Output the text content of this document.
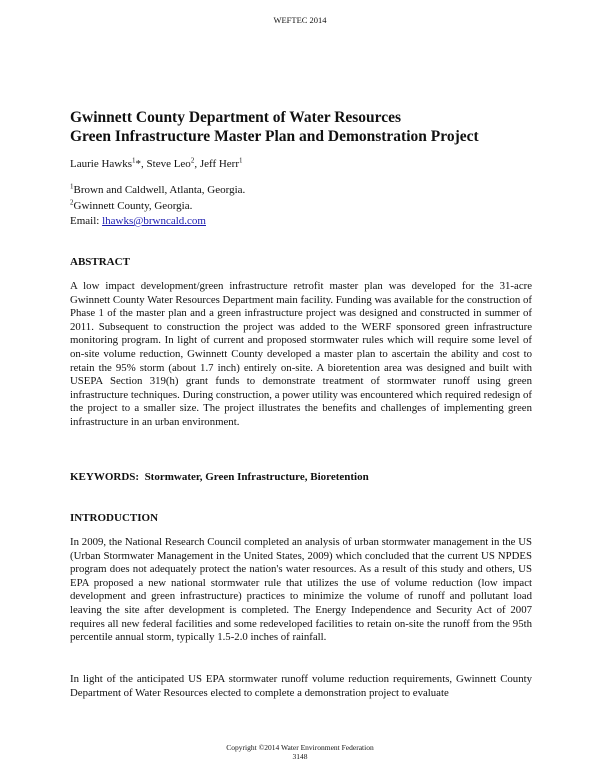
WEFTEC 2014
Gwinnett County Department of Water Resources
Green Infrastructure Master Plan and Demonstration Project
Laurie Hawks$^1$*, Steve Leo$^2$, Jeff Herr$^1$
$^1$Brown and Caldwell, Atlanta, Georgia.
$^2$Gwinnett County, Georgia.
Email: lhawks@brwncald.com
ABSTRACT

A low impact development/green infrastructure retrofit master plan was developed for the 31-acre Gwinnett County Water Resources Department main facility. Funding was available for the construction of Phase 1 of the master plan and a green infrastructure project was designed and constructed in summer of 2011. Subsequent to construction the project was added to the WERF sponsored green infrastructure monitoring program. In light of current and proposed stormwater rules which will require some level of on-site volume reduction, Gwinnett County developed a master plan to ascertain the ability and cost to retain the 95% storm (about 1.7 inch) entirely on-site. A bioretention area was designed and built with USEPA Section 319(h) grant funds to demonstrate treatment of stormwater runoff using green infrastructure techniques. During construction, a power utility was encountered which required redesign of the project to a smaller size. The project illustrates the benefits and challenges of implementing green infrastructure in an urban environment.

KEYWORDS: Stormwater, Green Infrastructure, Bioretention
INTRODUCTION

In 2009, the National Research Council completed an analysis of urban stormwater management in the US (Urban Stormwater Management in the United States, 2009) which concluded that the current US NPDES program does not adequately protect the nation's water resources. As a result of this study and others, US EPA proposed a new national stormwater rule that utilizes the use of volume reduction (low impact development and green infrastructure) practices to minimize the volume of runoff and pollutant load leaving the site after development is completed. The Energy Independence and Security Act of 2007 requires all new federal facilities and some redeveloped facilities to retain on-site the runoff from the 95th percentile annual storm, typically 1.5-2.0 inches of rainfall.

In light of the anticipated US EPA stormwater runoff volume reduction requirements, Gwinnett County Department of Water Resources elected to complete a demonstration project to evaluate

Copyright ©2014 Water Environment Federation
3148
